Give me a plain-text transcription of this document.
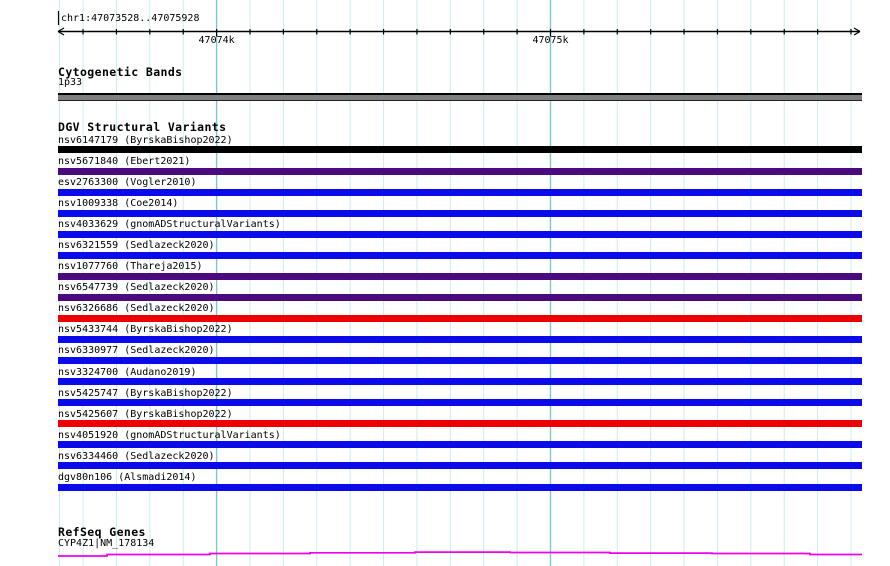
chr1:47073528..47075928
47074k	47075k
Cytogenetic Bands
1p33
DGV Structural Variants
nsv6147179 (ByrskaBishop2022)
nsv5671840 (Ebert2021)
esv2763300 (Vogler2010)
nsv1009338 (Coe2014)
nsv4033629 (gnomADStructuralVariants)
nsv6321559 (Sedlazeck2020)
nsv1077760 (Thareja2015)
nsv6547739 (Sedlazeck2020)
nsv6326686 (Sedlazeck2020)
nsv5433744 (ByrskaBishop2022)
nsv6330977 (Sedlazeck2020)
nsv3324700 (Audano2019)
nsv5425747 (ByrskaBishop2022)
nsv5425607 (ByrskaBishop2022)
nsv4051920 (gnomADStructuralVariants)
nsv6334460 (Sedlazeck2020)
dgv80n106 (Alsmadi2014)
RefSeq Genes
CYP4Z1|NM_178134
